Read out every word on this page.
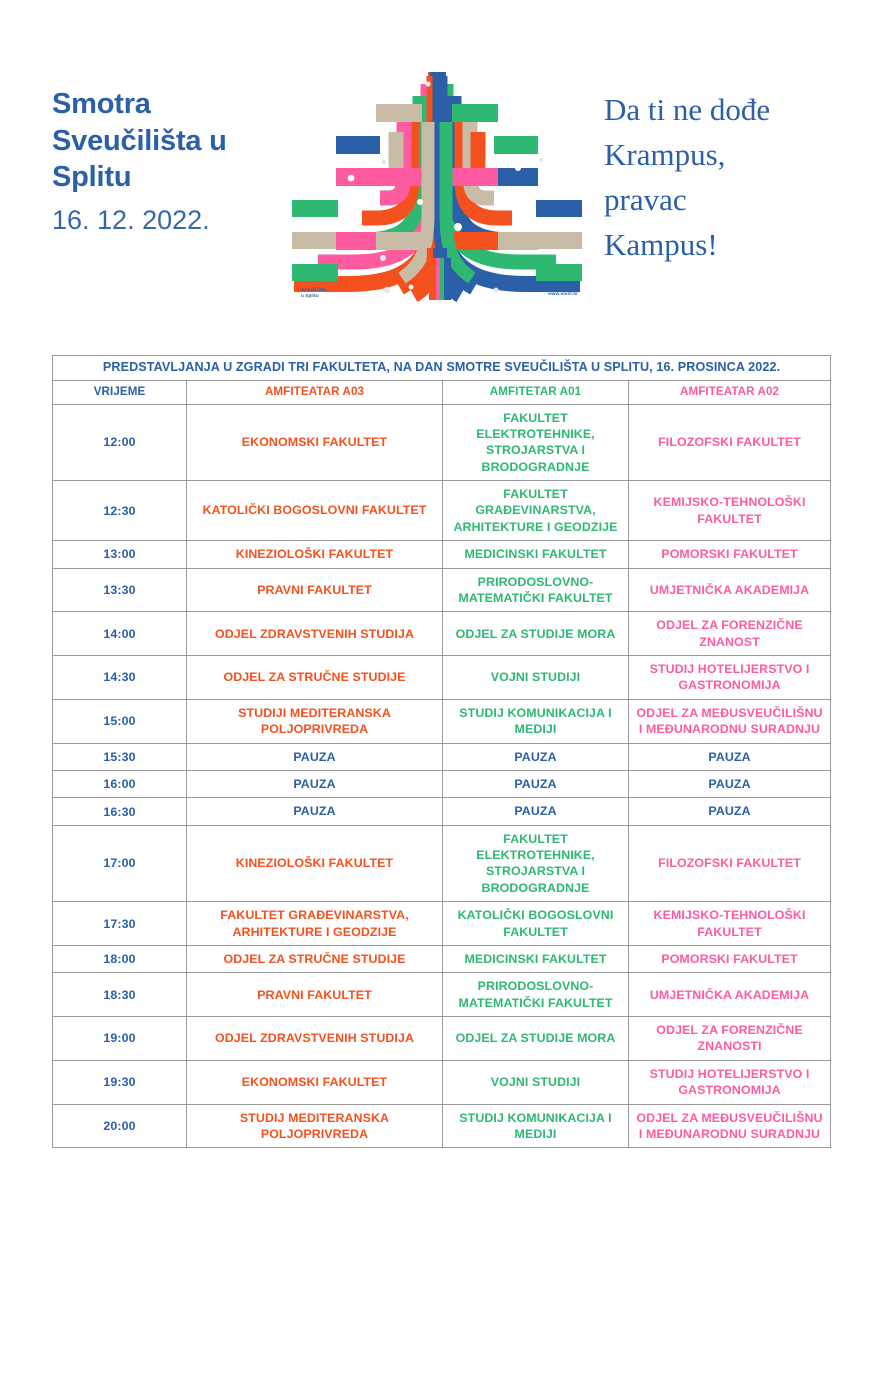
Smotra
Sveučilišta u
Splitu
16. 12. 2022.
Sveučilište
u Splitu	www.unist.hr
Da ti ne dođe
Krampus,
pravac
Kampus!
PREDSTAVLJANJA U ZGRADI TRI FAKULTETA, NA DAN SMOTRE SVEUČILIŠTA U SPLITU, 16. PROSINCA 2022.			
VRIJEME	AMFITEATAR A03	AMFITETAR A01	AMFITEATAR A02
12:00	EKONOMSKI FAKULTET	FAKULTET ELEKTROTEHNIKE, STROJARSTVA I BRODOGRADNJE	FILOZOFSKI FAKULTET
12:30	KATOLIČKI BOGOSLOVNI FAKULTET	FAKULTET GRAĐEVINARSTVA, ARHITEKTURE I GEODZIJE	KEMIJSKO-TEHNOLOŠKI FAKULTET
13:00	KINEZIOLOŠKI FAKULTET	MEDICINSKI FAKULTET	POMORSKI FAKULTET
13:30	PRAVNI FAKULTET	PRIRODOSLOVNO-MATEMATIČKI FAKULTET	UMJETNIČKA AKADEMIJA
14:00	ODJEL ZDRAVSTVENIH STUDIJA	ODJEL ZA STUDIJE MORA	ODJEL ZA FORENZIČNE ZNANOST
14:30	ODJEL ZA STRUČNE STUDIJE	VOJNI STUDIJI	STUDIJ HOTELIJERSTVO I GASTRONOMIJA
15:00	STUDIJI MEDITERANSKA POLJOPRIVREDA	STUDIJ KOMUNIKACIJA I MEDIJI	ODJEL ZA MEĐUSVEUČILIŠNU I MEĐUNARODNU SURADNJU
15:30	PAUZA	PAUZA	PAUZA
16:00	PAUZA	PAUZA	PAUZA
16:30	PAUZA	PAUZA	PAUZA
17:00	KINEZIOLOŠKI FAKULTET	FAKULTET ELEKTROTEHNIKE, STROJARSTVA I BRODOGRADNJE	FILOZOFSKI FAKULTET
17:30	FAKULTET GRAĐEVINARSTVA, ARHITEKTURE I GEODZIJE	KATOLIČKI BOGOSLOVNI FAKULTET	KEMIJSKO-TEHNOLOŠKI FAKULTET
18:00	ODJEL ZA STRUČNE STUDIJE	MEDICINSKI FAKULTET	POMORSKI FAKULTET
18:30	PRAVNI FAKULTET	PRIRODOSLOVNO-MATEMATIČKI FAKULTET	UMJETNIČKA AKADEMIJA
19:00	ODJEL ZDRAVSTVENIH STUDIJA	ODJEL ZA STUDIJE MORA	ODJEL ZA FORENZIČNE ZNANOSTI
19:30	EKONOMSKI FAKULTET	VOJNI STUDIJI	STUDIJ HOTELIJERSTVO I GASTRONOMIJA
20:00	STUDIJ MEDITERANSKA POLJOPRIVREDA	STUDIJ KOMUNIKACIJA I MEDIJI	ODJEL ZA MEĐUSVEUČILIŠNU I MEĐUNARODNU SURADNJU
